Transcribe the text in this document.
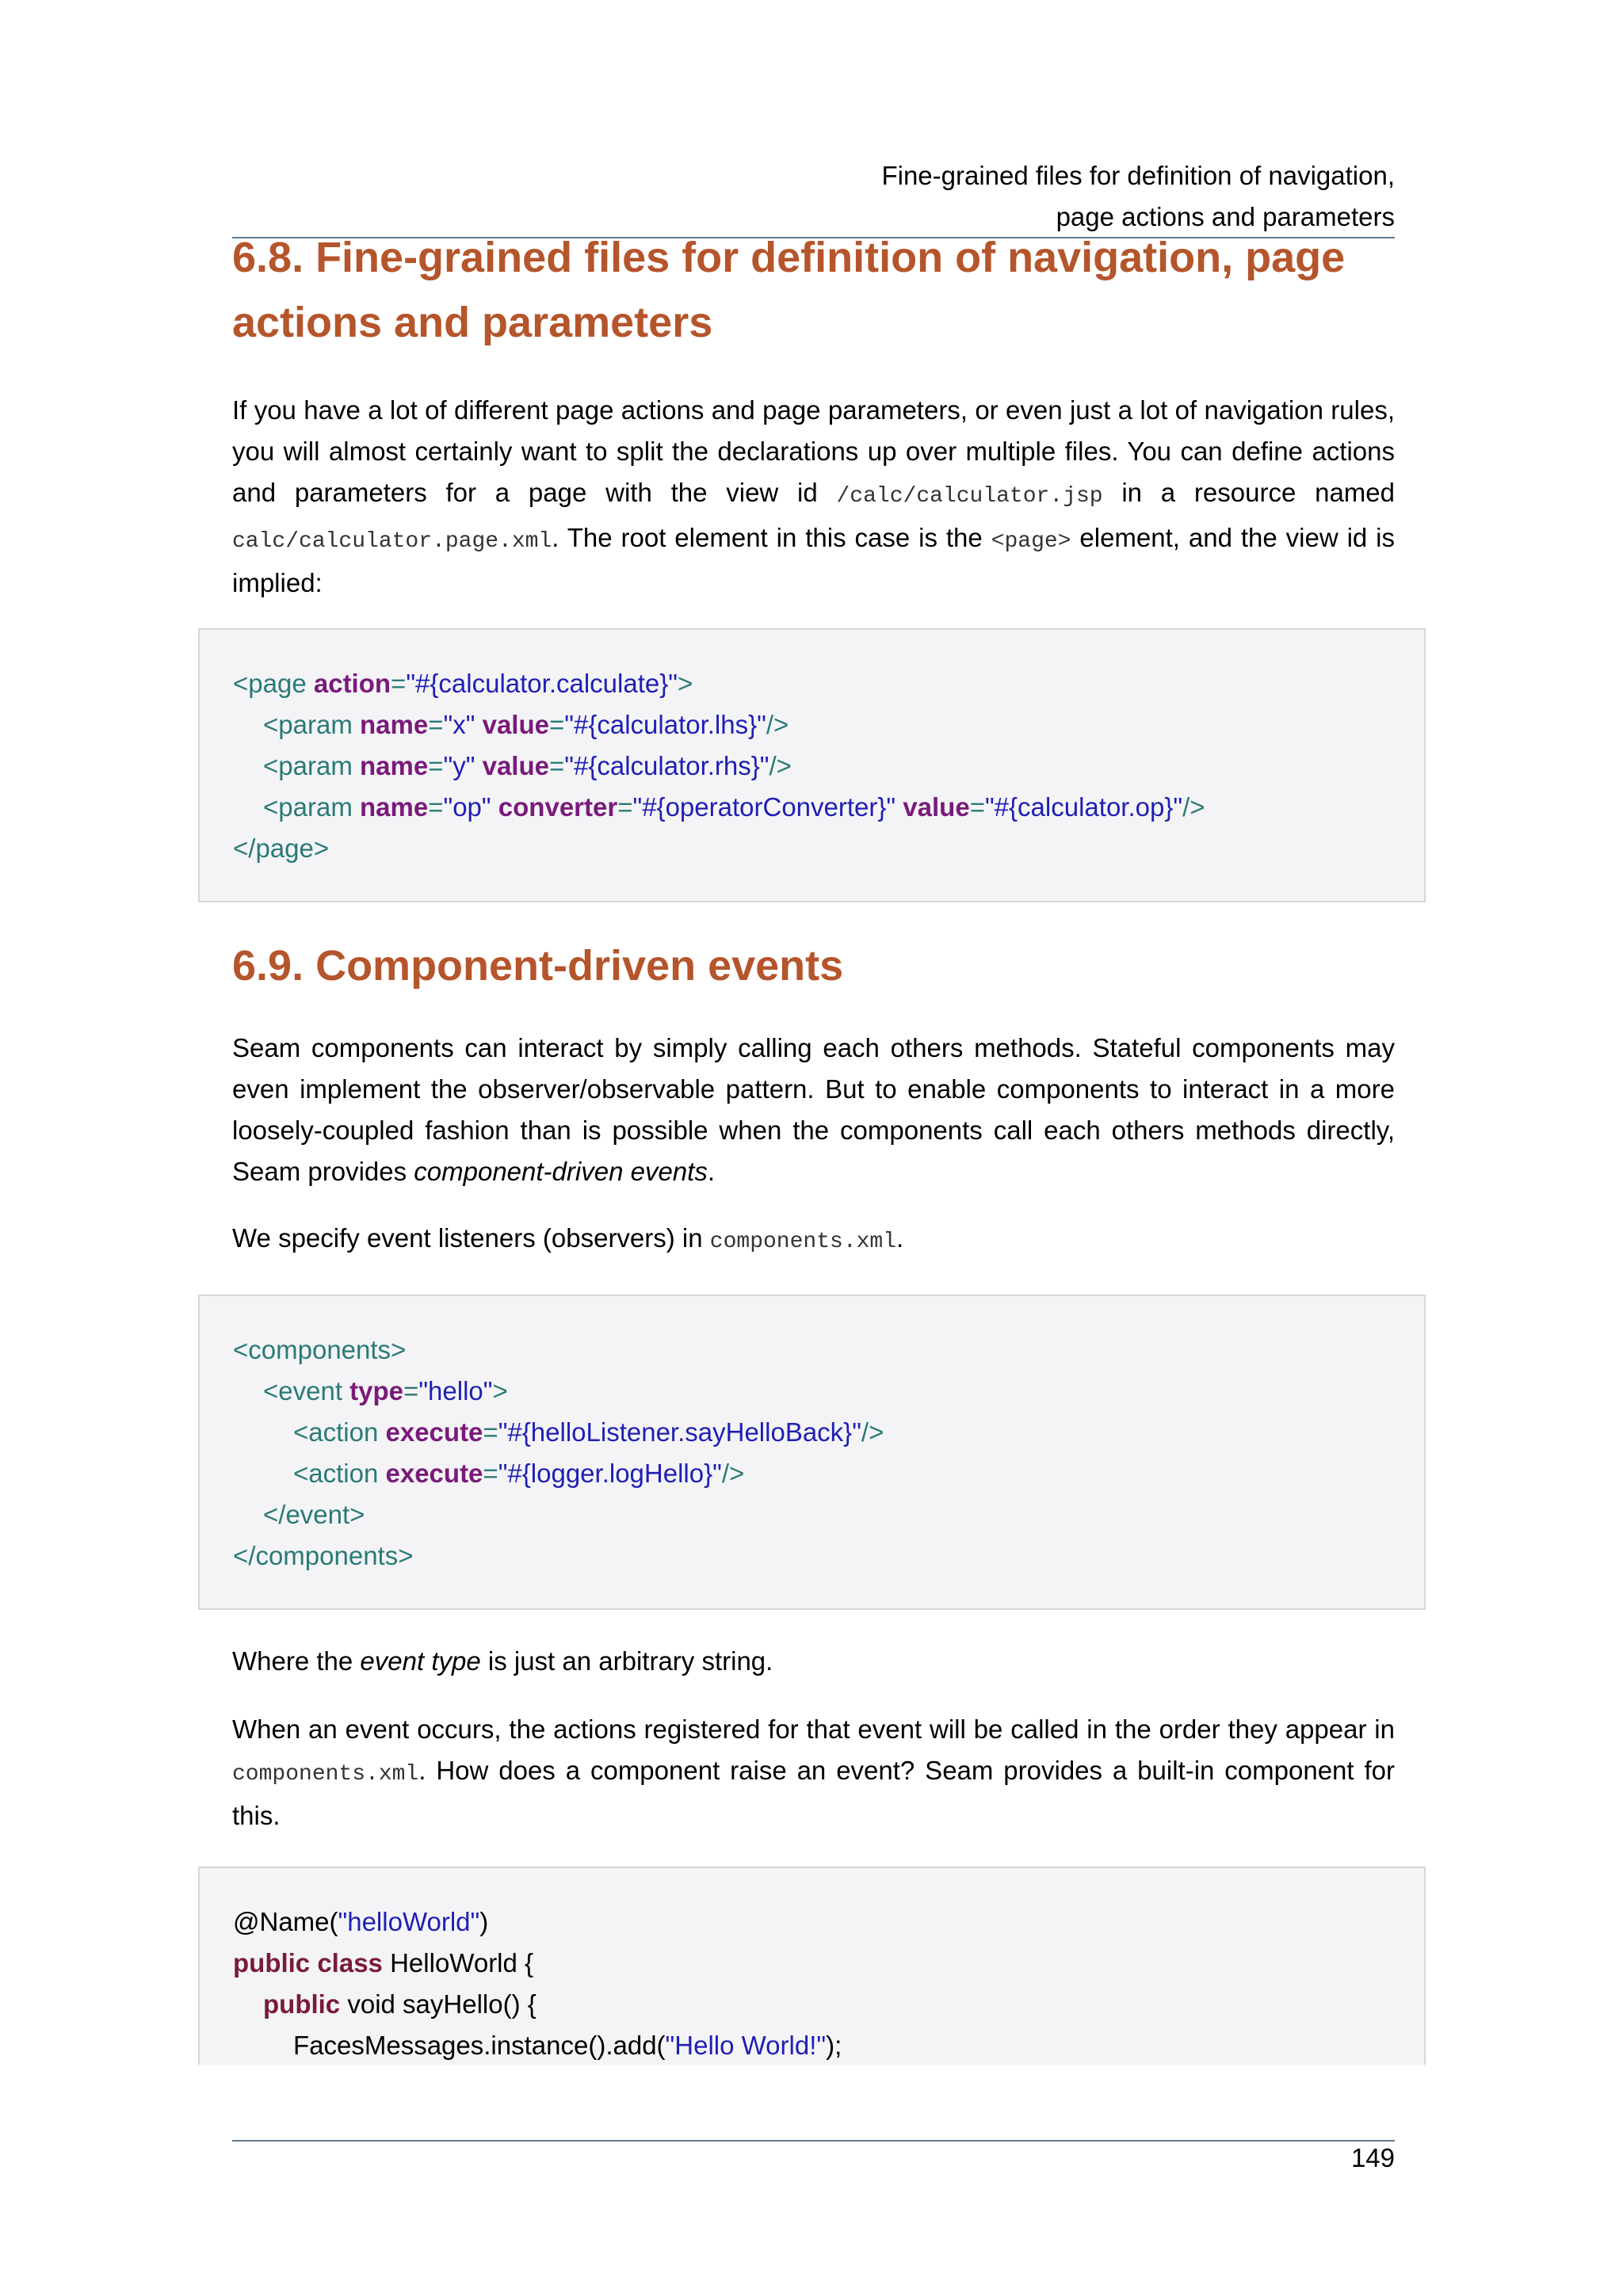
Fine-grained files for definition of navigation,
page actions and parameters
6.8. Fine-grained files for definition of navigation, page
actions and parameters

If you have a lot of different page actions and page parameters, or even just a lot of navigation rules, you will almost certainly want to split the declarations up over multiple files. You can define actions and parameters for a page with the view id /calc/calculator.jsp in a resource named calc/calculator.page.xml. The root element in this case is the <page> element, and the view id is implied:

<page action="#{calculator.calculate}">
<param name="x" value="#{calculator.lhs}"/>
<param name="y" value="#{calculator.rhs}"/>
<param name="op" converter="#{operatorConverter}" value="#{calculator.op}"/>
</page>
6.9. Component-driven events

Seam components can interact by simply calling each others methods. Stateful components may even implement the observer/observable pattern. But to enable components to interact in a more loosely-coupled fashion than is possible when the components call each others methods directly, Seam provides component-driven events.

We specify event listeners (observers) in components.xml.

<components>
<event type="hello">
<action execute="#{helloListener.sayHelloBack}"/>
<action execute="#{logger.logHello}"/>
</event>
</components>

Where the event type is just an arbitrary string.

When an event occurs, the actions registered for that event will be called in the order they appear in components.xml. How does a component raise an event? Seam provides a built-in component for this.

@Name("helloWorld")
public class HelloWorld {
public void sayHello() {
FacesMessages.instance().add("Hello World!");
149
